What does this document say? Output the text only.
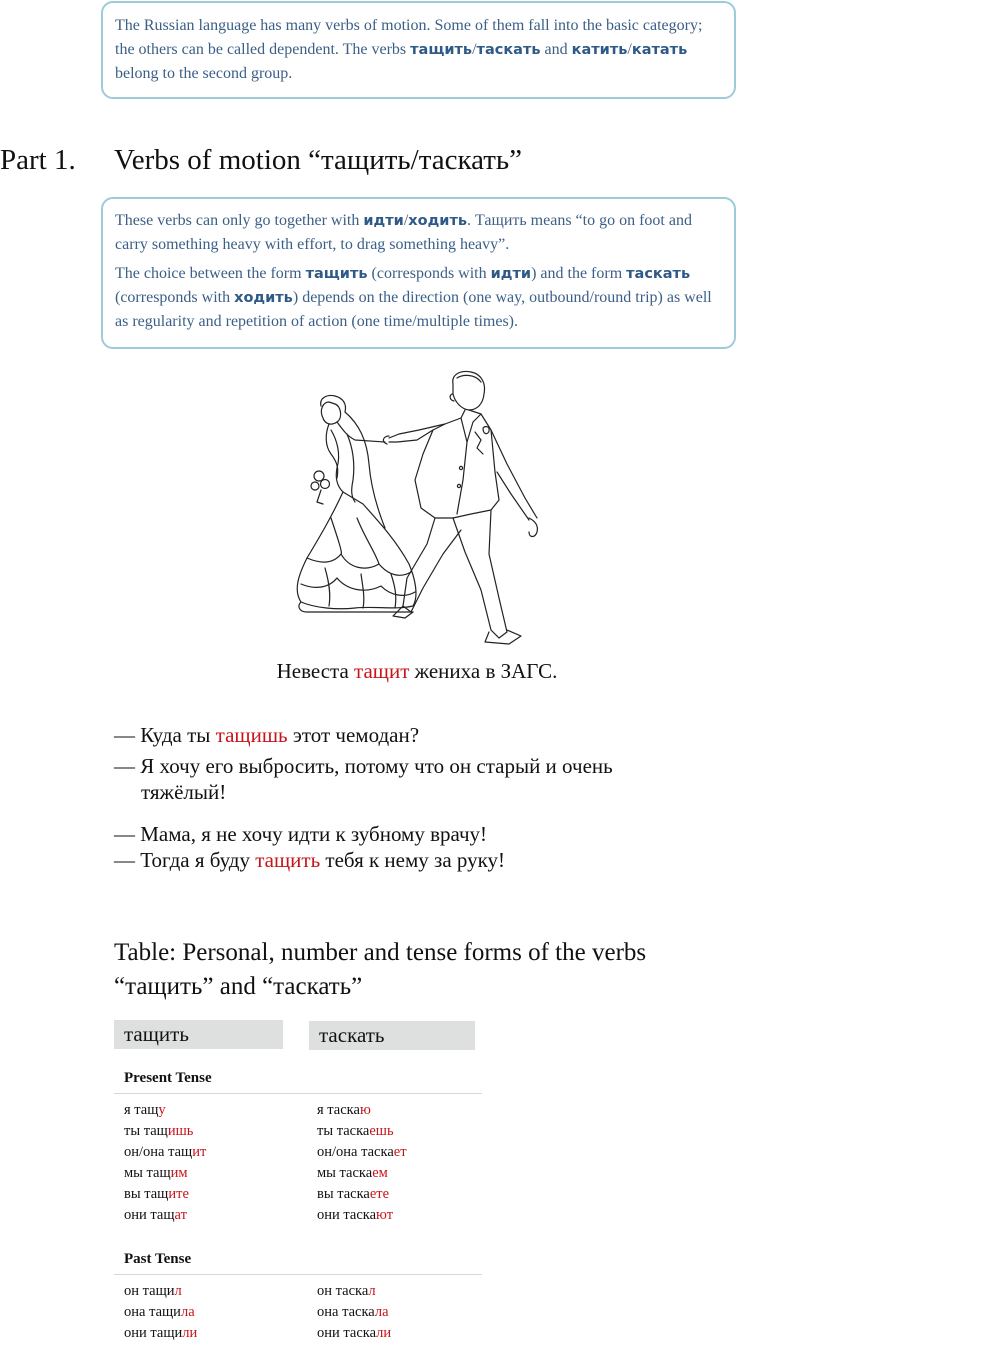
The Russian language has many verbs of motion. Some of them fall into the basic category; the others can be called dependent. The verbs тащить/таскать and катить/катать belong to the second group.

Part 1. Verbs of motion “тащить/таскать”

These verbs can only go together with идти/ходить. Тащить means “to go on foot and carry something heavy with effort, to drag something heavy”.

The choice between the form тащить (corresponds with идти) and the form таскать (corresponds with ходить) depends on the direction (one way, outbound/round trip) as well as regularity and repetition of action (one time/multiple times).

Невеста тащит жениха в ЗАГС.
— Куда ты тащишь этот чемодан?
— Я хочу его выбросить, потому что он старый и очень тяжёлый!
— Мама, я не хочу идти к зубному врачу!
— Тогда я буду тащить тебя к нему за руку!
Table: Personal, number and tense forms of the verbs “тащить” and “таскать”
тащить	таскать
Present Tense
я тащу
ты тащишь
он/она тащит
мы тащим
вы тащите
они тащат
я таскаю
ты таскаешь
он/она таскает
мы таскаем
вы таскаете
они таскают
Past Tense
он тащил
она тащила
они тащили
он таскал
она таскала
они таскали
